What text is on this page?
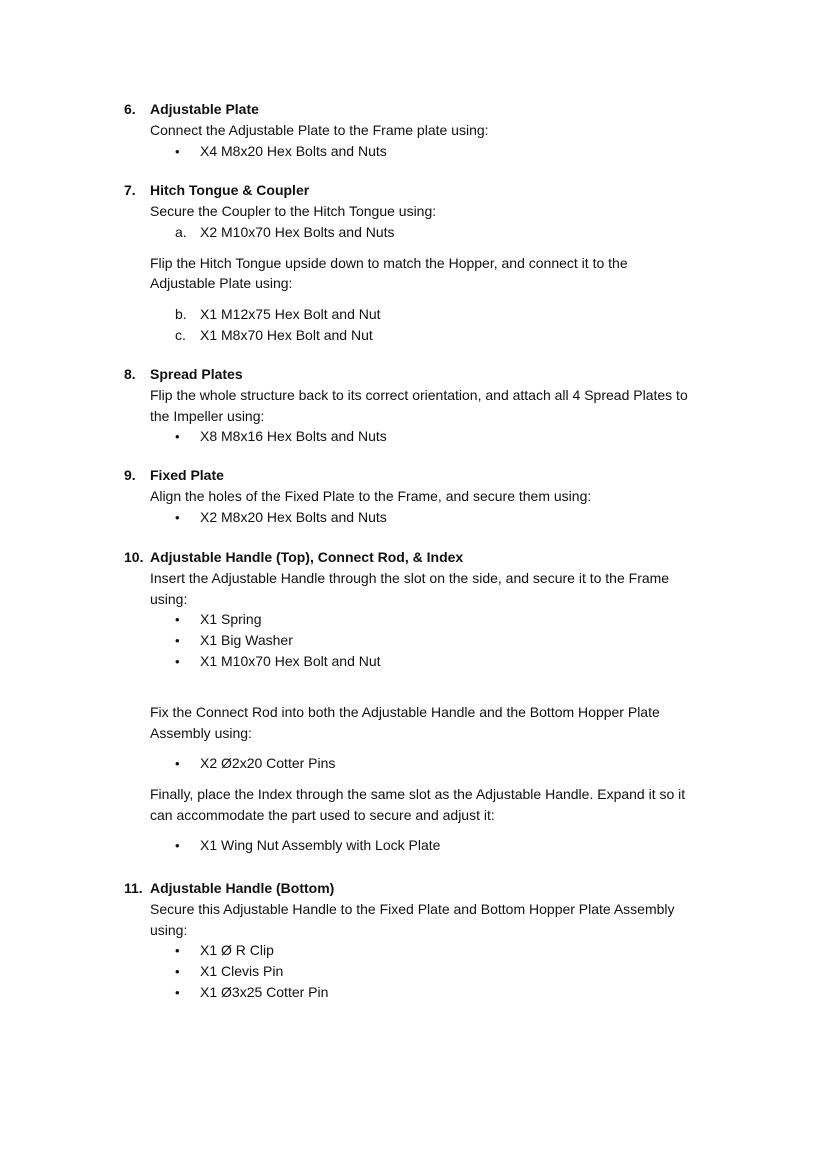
6. Adjustable Plate
Connect the Adjustable Plate to the Frame plate using:
•	X4 M8x20 Hex Bolts and Nuts
7. Hitch Tongue & Coupler
Secure the Coupler to the Hitch Tongue using:
a. X2 M10x70 Hex Bolts and Nuts
Flip the Hitch Tongue upside down to match the Hopper, and connect it to the
Adjustable Plate using:
b. X1 M12x75 Hex Bolt and Nut
c. X1 M8x70 Hex Bolt and Nut
8. Spread Plates
Flip the whole structure back to its correct orientation, and attach all 4 Spread Plates to
the Impeller using:
•	X8 M8x16 Hex Bolts and Nuts
9. Fixed Plate
Align the holes of the Fixed Plate to the Frame, and secure them using:
•	X2 M8x20 Hex Bolts and Nuts
10. Adjustable Handle (Top), Connect Rod, & Index
Insert the Adjustable Handle through the slot on the side, and secure it to the Frame
using:
•	X1 Spring
•	X1 Big Washer
•	X1 M10x70 Hex Bolt and Nut
Fix the Connect Rod into both the Adjustable Handle and the Bottom Hopper Plate
Assembly using:
•	X2 Ø2x20 Cotter Pins
Finally, place the Index through the same slot as the Adjustable Handle. Expand it so it
can accommodate the part used to secure and adjust it:
•	X1 Wing Nut Assembly with Lock Plate
11. Adjustable Handle (Bottom)
Secure this Adjustable Handle to the Fixed Plate and Bottom Hopper Plate Assembly
using:
•	X1 Ø R Clip
•	X1 Clevis Pin
•	X1 Ø3x25 Cotter Pin
